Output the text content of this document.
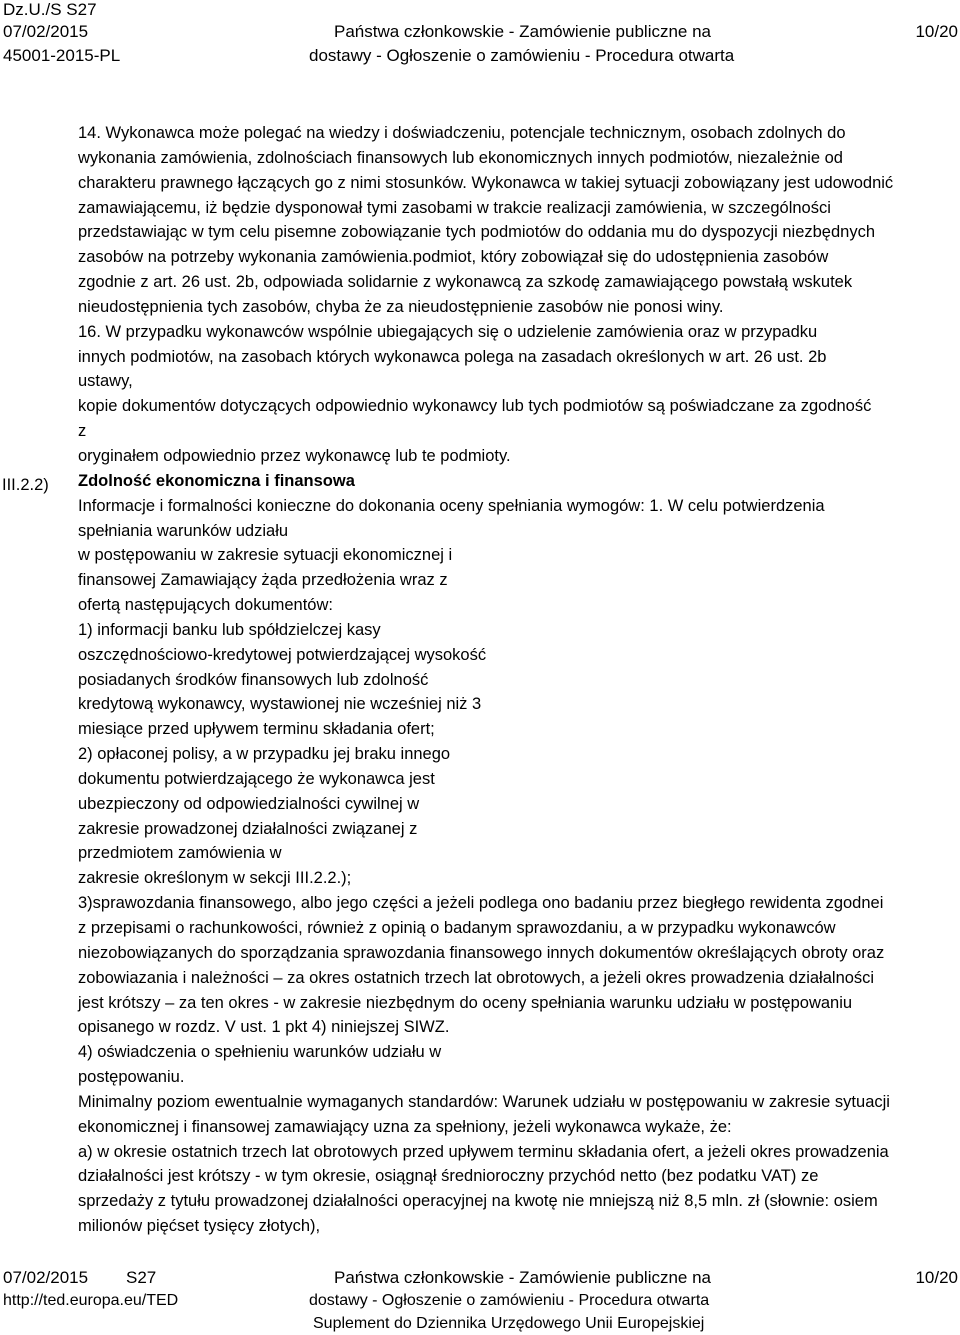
Dz.U./S S27
07/02/2015
45001-2015-PL
Państwa członkowskie - Zamówienie publiczne na
dostawy - Ogłoszenie o zamówieniu - Procedura otwarta
10/20
III.2.2)
14. Wykonawca może polegać na wiedzy i doświadczeniu, potencjale technicznym, osobach zdolnych do
wykonania zamówienia, zdolnościach finansowych lub ekonomicznych innych podmiotów, niezależnie od
charakteru prawnego łączących go z nimi stosunków. Wykonawca w takiej sytuacji zobowiązany jest udowodnić
zamawiającemu, iż będzie dysponował tymi zasobami w trakcie realizacji zamówienia, w szczególności
przedstawiając w tym celu pisemne zobowiązanie tych podmiotów do oddania mu do dyspozycji niezbędnych
zasobów na potrzeby wykonania zamówienia.podmiot, który zobowiązał się do udostępnienia zasobów
zgodnie z art. 26 ust. 2b, odpowiada solidarnie z wykonawcą za szkodę zamawiającego powstałą wskutek
nieudostępnienia tych zasobów, chyba że za nieudostępnienie zasobów nie ponosi winy.
16. W przypadku wykonawców wspólnie ubiegających się o udzielenie zamówienia oraz w przypadku
innych podmiotów, na zasobach których wykonawca polega na zasadach określonych w art. 26 ust. 2b
ustawy,
kopie dokumentów dotyczących odpowiednio wykonawcy lub tych podmiotów są poświadczane za zgodność
z
oryginałem odpowiednio przez wykonawcę lub te podmioty.
Zdolność ekonomiczna i finansowa
Informacje i formalności konieczne do dokonania oceny spełniania wymogów: 1. W celu potwierdzenia
spełniania warunków udziału
w postępowaniu w zakresie sytuacji ekonomicznej i
finansowej Zamawiający żąda przedłożenia wraz z
ofertą następujących dokumentów:
1) informacji banku lub spółdzielczej kasy
oszczędnościowo-kredytowej potwierdzającej wysokość
posiadanych środków finansowych lub zdolność
kredytową wykonawcy, wystawionej nie wcześniej niż 3
miesiące przed upływem terminu składania ofert;
2) opłaconej polisy, a w przypadku jej braku innego
dokumentu potwierdzającego że wykonawca jest
ubezpieczony od odpowiedzialności cywilnej w
zakresie prowadzonej działalności związanej z
przedmiotem zamówienia w
zakresie określonym w sekcji III.2.2.);
3)sprawozdania finansowego, albo jego części a jeżeli podlega ono badaniu przez biegłego rewidenta zgodnei
z przepisami o rachunkowości, również z opinią o badanym sprawozdaniu, a w przypadku wykonawców
niezobowiązanych do sporządzania sprawozdania finansowego innych dokumentów określających obroty oraz
zobowiazania i należności – za okres ostatnich trzech lat obrotowych, a jeżeli okres prowadzenia działalności
jest krótszy – za ten okres - w zakresie niezbędnym do oceny spełniania warunku udziału w postępowaniu
opisanego w rozdz. V ust. 1 pkt 4) niniejszej SIWZ.
4) oświadczenia o spełnieniu warunków udziału w
postępowaniu.
Minimalny poziom ewentualnie wymaganych standardów: Warunek udziału w postępowaniu w zakresie sytuacji
ekonomicznej i finansowej zamawiający uzna za spełniony, jeżeli wykonawca wykaże, że:
a) w okresie ostatnich trzech lat obrotowych przed upływem terminu składania ofert, a jeżeli okres prowadzenia
działalności jest krótszy - w tym okresie, osiągnął średnioroczny przychód netto (bez podatku VAT) ze
sprzedaży z tytułu prowadzonej działalności operacyjnej na kwotę nie mniejszą niż 8,5 mln. zł (słownie: osiem
milionów pięćset tysięcy złotych),
07/02/2015 S27
http://ted.europa.eu/TED
Państwa członkowskie - Zamówienie publiczne na
dostawy - Ogłoszenie o zamówieniu - Procedura otwarta
Suplement do Dziennika Urzędowego Unii Europejskiej
10/20
